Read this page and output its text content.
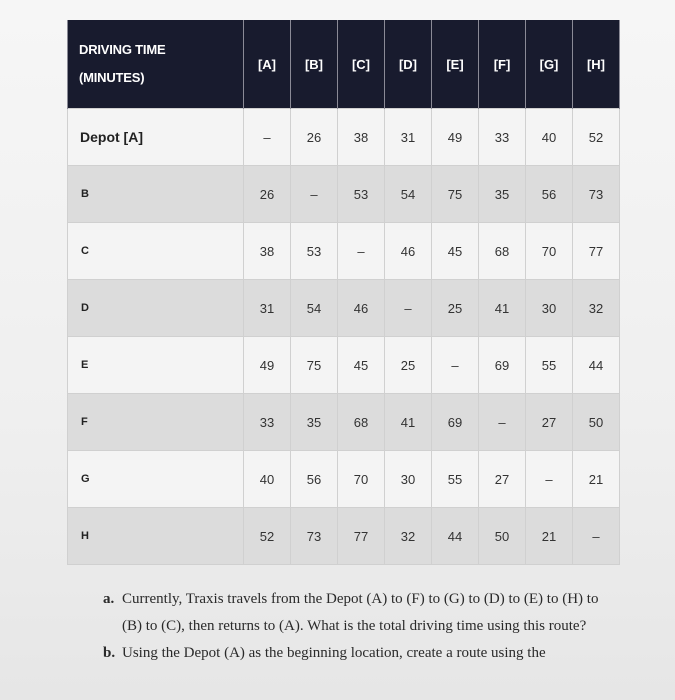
DRIVING TIME
(MINUTES)	[A]	[B]	[C]	[D]	[E]	[F]	[G]	[H]
Depot [A]	–	26	38	31	49	33	40	52
B	26	–	53	54	75	35	56	73
C	38	53	–	46	45	68	70	77
D	31	54	46	–	25	41	30	32
E	49	75	45	25	–	69	55	44
F	33	35	68	41	69	–	27	50
G	40	56	70	30	55	27	–	21
H	52	73	77	32	44	50	21	–
a. Currently, Traxis travels from the Depot (A) to (F) to (G) to (D) to (E) to (H) to (B) to (C), then returns to (A). What is the total driving time using this route?
b. Using the Depot (A) as the beginning location, create a route using the
